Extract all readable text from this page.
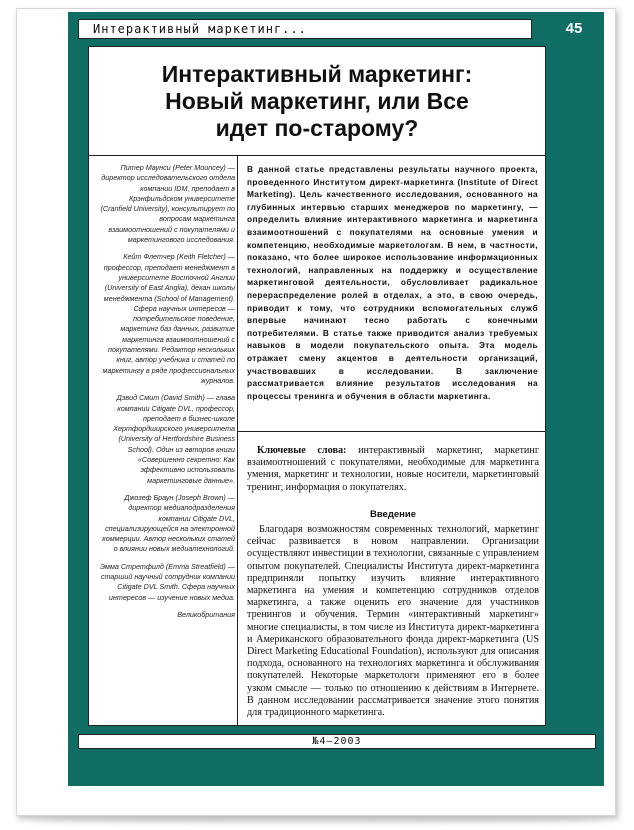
Интерактивный маркетинг...	45
Интерактивный маркетинг:
Новый маркетинг, или Все
идет по-старому?
Питер Маунси (Peter Mouncey) — директор исследовательского отдела компании IDM, преподает в Крэнфильдском университете (Cranfield University), консультирует по вопросам маркетинга взаимоотношений с покупателями и маркетингового исследования.
Кейт Флетчер (Keith Fletcher) — профессор, преподает менеджмент в университете Восточной Англии (University of East Anglia), декан школы менеджмента (School of Management). Сфера научных интересов — потребительское поведение, маркетинг баз данных, развитие маркетинга взаимоотношений с покупателями. Редактор нескольких книг, автор учебника и статей по маркетингу в ряде профессиональных журналов.
Дэвид Смит (David Smith) — глава компании Citigate DVL, профессор, преподает в бизнес-школе Хертфордширского университета (University of Hertfordshire Business School). Один из авторов книги «Совершенно секретно: Как эффективно использовать маркетинговые данные».
Джозеф Браун (Joseph Brown) — директор медиаподразделения компании Citigate DVL, специализирующейся на электронной коммерции. Автор нескольких статей о влиянии новых медиатехнологий.
Эмма Стретфилд (Emma Streatfield) — старший научный сотрудник компании Citigate DVL Smith. Сфера научных интересов — изучение новых медиа.
Великобритания
В данной статье представлены результаты научного проекта, проведенного Институтом директ-маркетинга (Institute of Direct Marketing). Цель качественного исследования, основанного на глубинных интервью старших менеджеров по маркетингу, — определить влияние интерактивного маркетинга и маркетинга взаимоотношений с покупателями на основные умения и компетенцию, необходимые маркетологам. В нем, в частности, показано, что более широкое использование информационных технологий, направленных на поддержку и осуществление маркетинговой деятельности, обусловливает радикальное перераспределение ролей в отделах, а это, в свою очередь, приводит к тому, что сотрудники вспомогательных служб впервые начинают тесно работать с конечными потребителями. В статье также приводится анализ требуемых навыков в модели покупательского опыта. Эта модель отражает смену акцентов в деятельности организаций, участвовавших в исследовании. В заключение рассматривается влияние результатов исследования на процессы тренинга и обучения в области маркетинга.
Ключевые слова: интерактивный маркетинг, маркетинг взаимоотношений с покупателями, необходимые для маркетинга умения, маркетинг и технологии, новые носители, маркетинговый тренинг, информация о покупателях.
Введение
Благодаря возможностям современных технологий, маркетинг сейчас развивается в новом направлении. Организации осуществляют инвестиции в технологии, связанные с управлением опытом покупателей. Специалисты Института директ-маркетинга предприняли попытку изучить влияние интерактивного маркетинга на умения и компетенцию сотрудников отделов маркетинга, а также оценить его значение для участников тренингов и обучения. Термин «интерактивный маркетинг» многие специалисты, в том числе из Института директ-маркетинга и Американского образовательного фонда директ-маркетинга (US Direct Marketing Educational Foundation), используют для описания подхода, основанного на технологиях маркетинга и обслуживания покупателей. Некоторые маркетологи применяют его в более узком смысле — только по отношению к действиям в Интернете. В данном исследовании рассматривается значение этого понятия для традиционного маркетинга.
№4–2003
